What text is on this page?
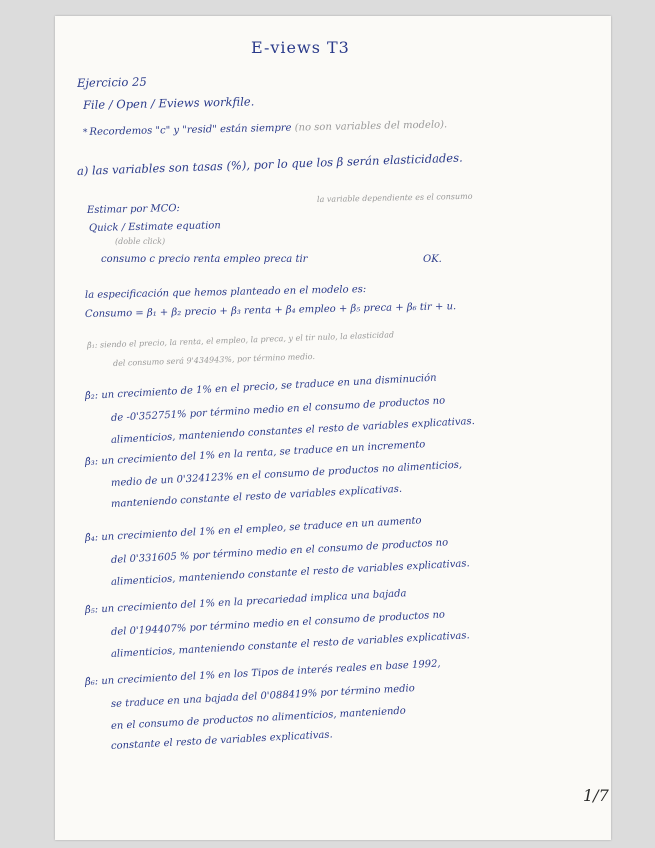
E-views T3
Ejercicio 25
File / Open / Eviews workfile.
* Recordemos "c" y "resid" están siempre (no son variables del modelo).
a) las variables son tasas (%), por lo que los β serán elasticidades.
Estimar por MCO:
la variable dependiente es el consumo
Quick / Estimate equation
(doble click)
consumo c precio renta empleo preca tir	OK.
la especificación que hemos planteado en el modelo es:
Consumo = β₁ + β₂ precio + β₃ renta + β₄ empleo + β₅ preca + β₆ tir + u.
β̂₁: siendo el precio, la renta, el empleo, la preca, y el tir nulo, la elasticidad
del consumo será 9'434943%, por término medio.
β̂₂: un crecimiento de 1% en el precio, se traduce en una disminución
de -0'352751% por término medio en el consumo de productos no
alimenticios, manteniendo constantes el resto de variables explicativas.
β̂₃: un crecimiento del 1% en la renta, se traduce en un incremento
medio de un 0'324123% en el consumo de productos no alimenticios,
manteniendo constante el resto de variables explicativas.
β̂₄: un crecimiento del 1% en el empleo, se traduce en un aumento
del 0'331605 % por término medio en el consumo de productos no
alimenticios, manteniendo constante el resto de variables explicativas.
β̂₅: un crecimiento del 1% en la precariedad implica una bajada
del 0'194407% por término medio en el consumo de productos no
alimenticios, manteniendo constante el resto de variables explicativas.
β̂₆: un crecimiento del 1% en los Tipos de interés reales en base 1992,
se traduce en una bajada del 0'088419% por término medio
en el consumo de productos no alimenticios, manteniendo
constante el resto de variables explicativas.
1/7
